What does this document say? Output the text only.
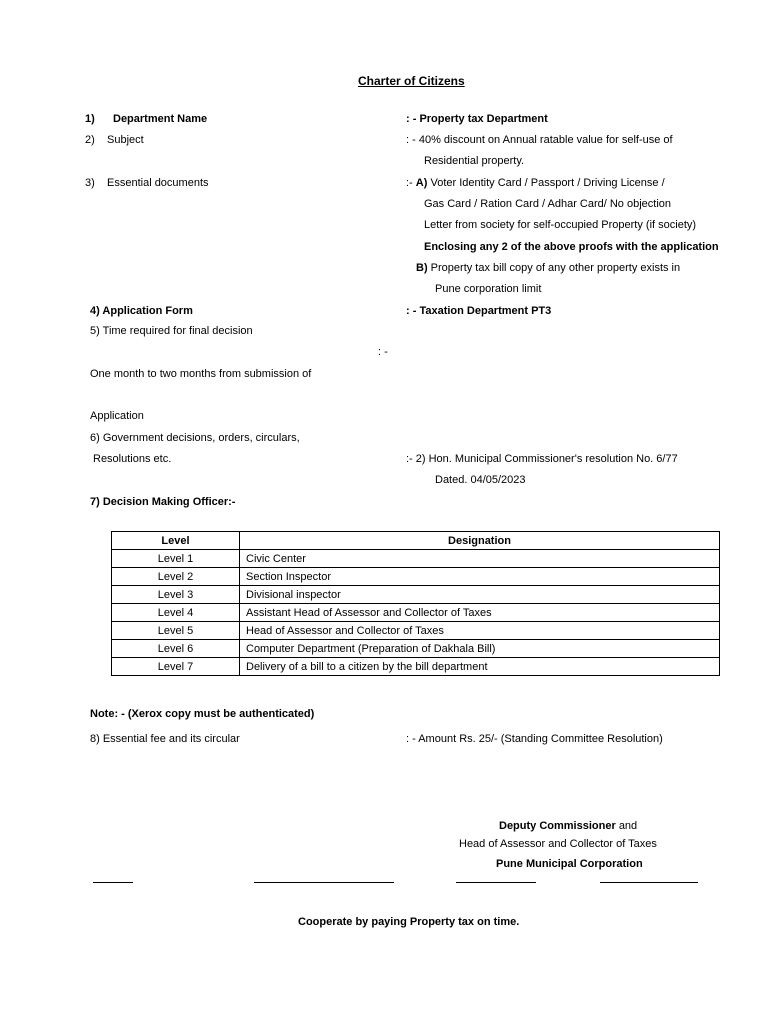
Charter of Citizens
1) Department Name	: - Property tax Department
2) Subject	: - 40% discount on Annual ratable value for self-use of
Residential property.
3) Essential documents	:- A) Voter Identity Card / Passport / Driving License /
Gas Card / Ration Card / Adhar Card/ No objection
Letter from society for self-occupied Property (if society)
Enclosing any 2 of the above proofs with the application
B) Property tax bill copy of any other property exists in
Pune corporation limit
4) Application Form	: - Taxation Department PT3
5) Time required for final decision
: -
One month to two months from submission of
Application
6) Government decisions, orders, circulars,
Resolutions etc.	:- 2) Hon. Municipal Commissioner's resolution No. 6/77
Dated. 04/05/2023
7) Decision Making Officer:-
Level	Designation
Level 1	Civic Center
Level 2	Section Inspector
Level 3	Divisional inspector
Level 4	Assistant Head of Assessor and Collector of Taxes
Level 5	Head of Assessor and Collector of Taxes
Level 6	Computer Department (Preparation of Dakhala Bill)
Level 7	Delivery of a bill to a citizen by the bill department
Note: - (Xerox copy must be authenticated)
8) Essential fee and its circular	: - Amount Rs. 25/- (Standing Committee Resolution)
Deputy Commissioner and
Head of Assessor and Collector of Taxes
Pune Municipal Corporation
Cooperate by paying Property tax on time.
